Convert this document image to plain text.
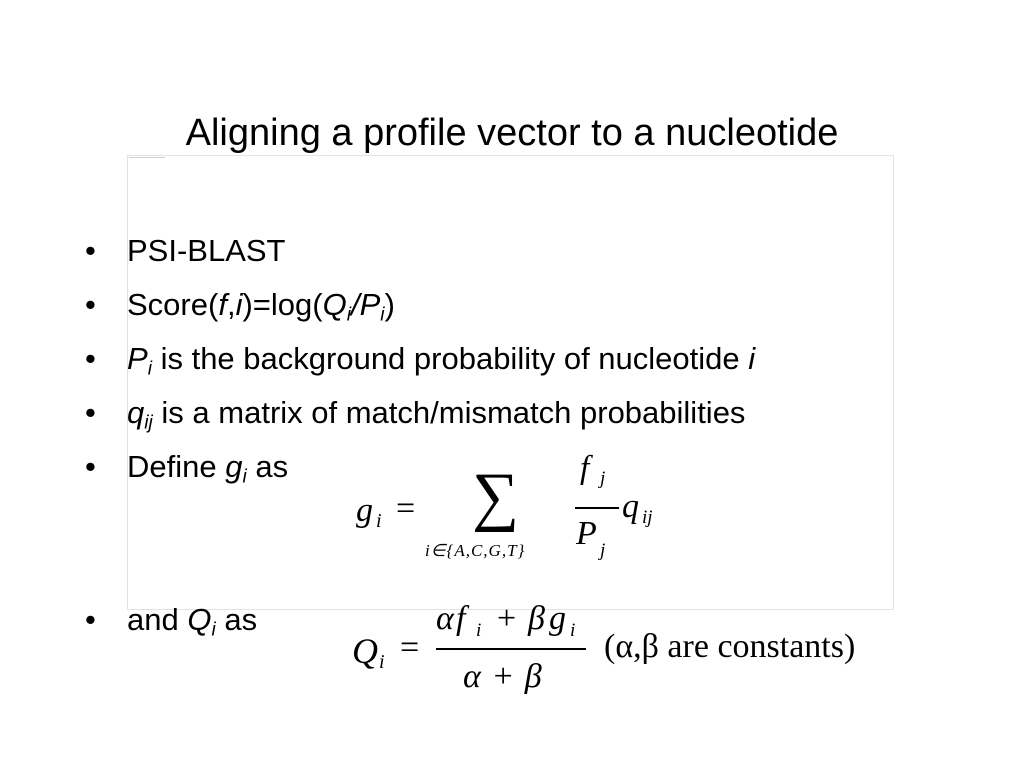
Aligning a profile vector to a nucleotide
• PSI-BLAST
• $Score(f,i)=\log(Q_i/P_i)$
• $P_i$ is the background probability of nucleotide i
• $q_{ij}$ is a matrix of match/mismatch probabilities
• Define $g_i$ as
• and $Q_i$ as
g i = ∑
i∈{A,C,G,T}
f j
P j
q ij
Q i =
α f i + β g i
α + β
(α,β are constants)
